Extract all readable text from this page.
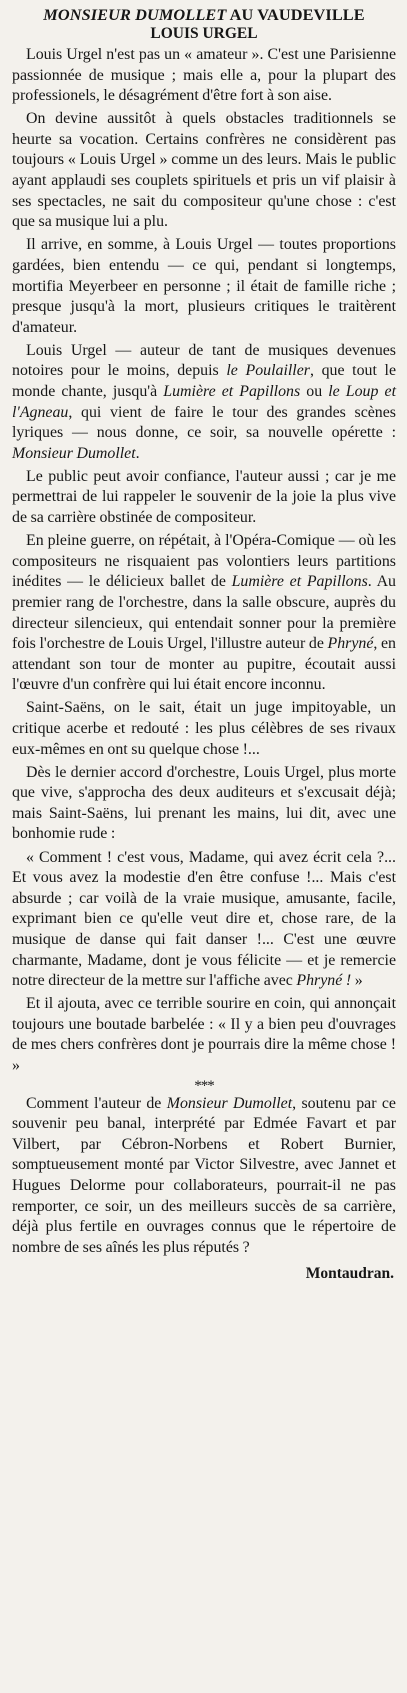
MONSIEUR DUMOLLET AU VAUDEVILLE
LOUIS URGEL

Louis Urgel n'est pas un « amateur ». C'est une Parisienne passionnée de musique ; mais elle a, pour la plupart des professionels, le désagrément d'être fort à son aise.

On devine aussitôt à quels obstacles traditionnels se heurte sa vocation. Certains confrères ne considèrent pas toujours « Louis Urgel » comme un des leurs. Mais le public ayant applaudi ses couplets spirituels et pris un vif plaisir à ses spectacles, ne sait du compositeur qu'une chose : c'est que sa musique lui a plu.

Il arrive, en somme, à Louis Urgel — toutes proportions gardées, bien entendu — ce qui, pendant si longtemps, mortifia Meyerbeer en personne ; il était de famille riche ; presque jusqu'à la mort, plusieurs critiques le traitèrent d'amateur.

Louis Urgel — auteur de tant de musiques devenues notoires pour le moins, depuis le Poulailler, que tout le monde chante, jusqu'à Lumière et Papillons ou le Loup et l'Agneau, qui vient de faire le tour des grandes scènes lyriques — nous donne, ce soir, sa nouvelle opérette : Monsieur Dumollet.

Le public peut avoir confiance, l'auteur aussi ; car je me permettrai de lui rappeler le souvenir de la joie la plus vive de sa carrière obstinée de compositeur.

En pleine guerre, on répétait, à l'Opéra-Comique — où les compositeurs ne risquaient pas volontiers leurs partitions inédites — le délicieux ballet de Lumière et Papillons. Au premier rang de l'orchestre, dans la salle obscure, auprès du directeur silencieux, qui entendait sonner pour la première fois l'orchestre de Louis Urgel, l'illustre auteur de Phryné, en attendant son tour de monter au pupitre, écoutait aussi l'œuvre d'un confrère qui lui était encore inconnu.

Saint-Saëns, on le sait, était un juge impitoyable, un critique acerbe et redouté : les plus célèbres de ses rivaux eux-mêmes en ont su quelque chose !...

Dès le dernier accord d'orchestre, Louis Urgel, plus morte que vive, s'approcha des deux auditeurs et s'excusait déjà; mais Saint-Saëns, lui prenant les mains, lui dit, avec une bonhomie rude :

« Comment ! c'est vous, Madame, qui avez écrit cela ?... Et vous avez la modestie d'en être confuse !... Mais c'est absurde ; car voilà de la vraie musique, amusante, facile, exprimant bien ce qu'elle veut dire et, chose rare, de la musique de danse qui fait danser !... C'est une œuvre charmante, Madame, dont je vous félicite — et je remercie notre directeur de la mettre sur l'affiche avec Phryné ! »

Et il ajouta, avec ce terrible sourire en coin, qui annonçait toujours une boutade barbelée : « Il y a bien peu d'ouvrages de mes chers confrères dont je pourrais dire la même chose ! »

***

Comment l'auteur de Monsieur Dumollet, soutenu par ce souvenir peu banal, interprété par Edmée Favart et par Vilbert, par Cébron-Norbens et Robert Burnier, somptueusement monté par Victor Silvestre, avec Jannet et Hugues Delorme pour collaborateurs, pourrait-il ne pas remporter, ce soir, un des meilleurs succès de sa carrière, déjà plus fertile en ouvrages connus que le répertoire de nombre de ses aînés les plus réputés ?

Montaudran.
